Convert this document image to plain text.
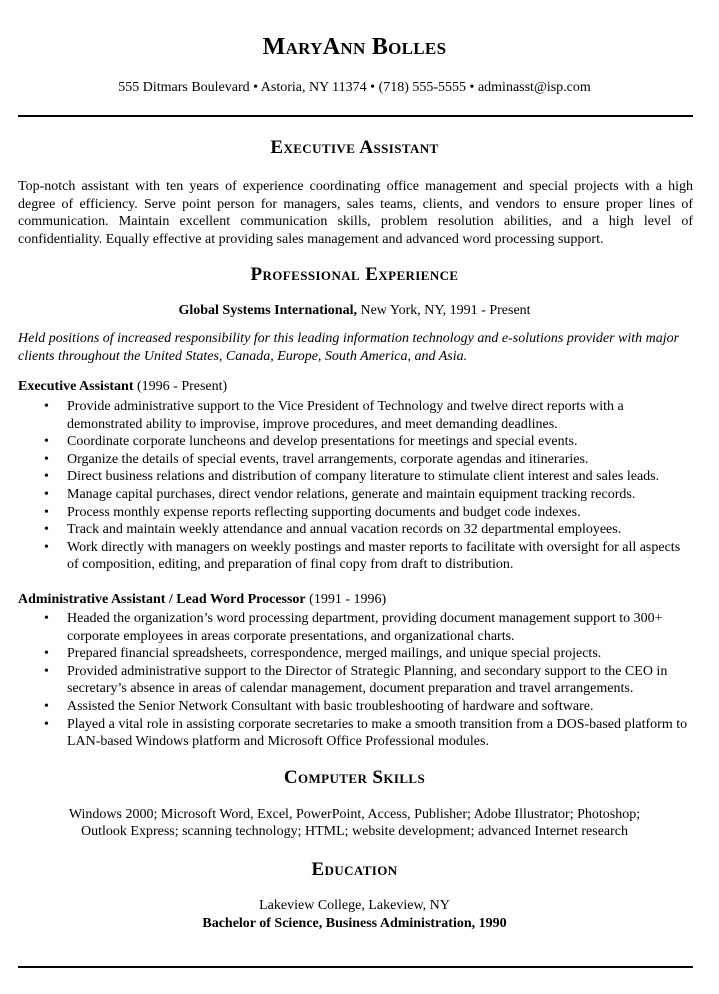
MaryAnn Bolles
555 Ditmars Boulevard • Astoria, NY 11374 • (718) 555-5555 • adminasst@isp.com
Executive Assistant
Top-notch assistant with ten years of experience coordinating office management and special projects with a high degree of efficiency. Serve point person for managers, sales teams, clients, and vendors to ensure proper lines of communication. Maintain excellent communication skills, problem resolution abilities, and a high level of confidentiality. Equally effective at providing sales management and advanced word processing support.
Professional Experience
Global Systems International, New York, NY, 1991 - Present
Held positions of increased responsibility for this leading information technology and e-solutions provider with major clients throughout the United States, Canada, Europe, South America, and Asia.
Executive Assistant (1996 - Present)
• Provide administrative support to the Vice President of Technology and twelve direct reports with a demonstrated ability to improvise, improve procedures, and meet demanding deadlines.
• Coordinate corporate luncheons and develop presentations for meetings and special events.
• Organize the details of special events, travel arrangements, corporate agendas and itineraries.
• Direct business relations and distribution of company literature to stimulate client interest and sales leads.
• Manage capital purchases, direct vendor relations, generate and maintain equipment tracking records.
• Process monthly expense reports reflecting supporting documents and budget code indexes.
• Track and maintain weekly attendance and annual vacation records on 32 departmental employees.
• Work directly with managers on weekly postings and master reports to facilitate with oversight for all aspects of composition, editing, and preparation of final copy from draft to distribution.
Administrative Assistant / Lead Word Processor (1991 - 1996)
• Headed the organization’s word processing department, providing document management support to 300+ corporate employees in areas corporate presentations, and organizational charts.
• Prepared financial spreadsheets, correspondence, merged mailings, and unique special projects.
• Provided administrative support to the Director of Strategic Planning, and secondary support to the CEO in secretary’s absence in areas of calendar management, document preparation and travel arrangements.
• Assisted the Senior Network Consultant with basic troubleshooting of hardware and software.
• Played a vital role in assisting corporate secretaries to make a smooth transition from a DOS-based platform to LAN-based Windows platform and Microsoft Office Professional modules.
Computer Skills
Windows 2000; Microsoft Word, Excel, PowerPoint, Access, Publisher; Adobe Illustrator; Photoshop;
Outlook Express; scanning technology; HTML; website development; advanced Internet research
Education
Lakeview College, Lakeview, NY
Bachelor of Science, Business Administration, 1990
